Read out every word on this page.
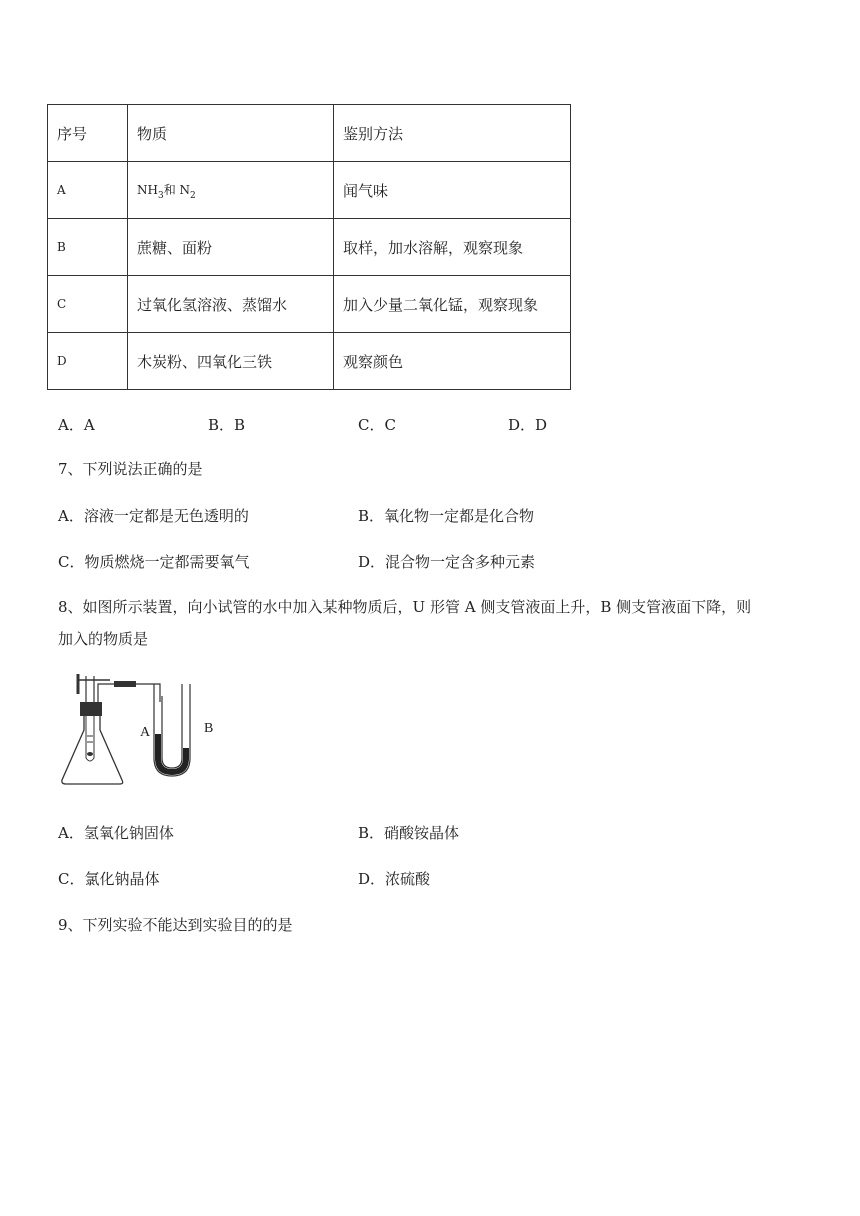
序号	物质	鉴别方法
A	$NH_3$和 $N_2$	闻气味
B	蔗糖、面粉	取样，加水溶解，观察现象
C	过氧化氢溶液、蒸馏水	加入少量二氧化锰，观察现象
D	木炭粉、四氧化三铁	观察颜色
A．A	B．B	C．C	D．D
7、下列说法正确的是
A．溶液一定都是无色透明的	B．氧化物一定都是化合物
C．物质燃烧一定都需要氧气	D．混合物一定含多种元素
8、如图所示装置，向小试管的水中加入某种物质后，U 形管 A 侧支管液面上升，B 侧支管液面下降，则
加入的物质是
A	B
A．氢氧化钠固体	B．硝酸铵晶体
C．氯化钠晶体	D．浓硫酸
9、下列实验不能达到实验目的的是
